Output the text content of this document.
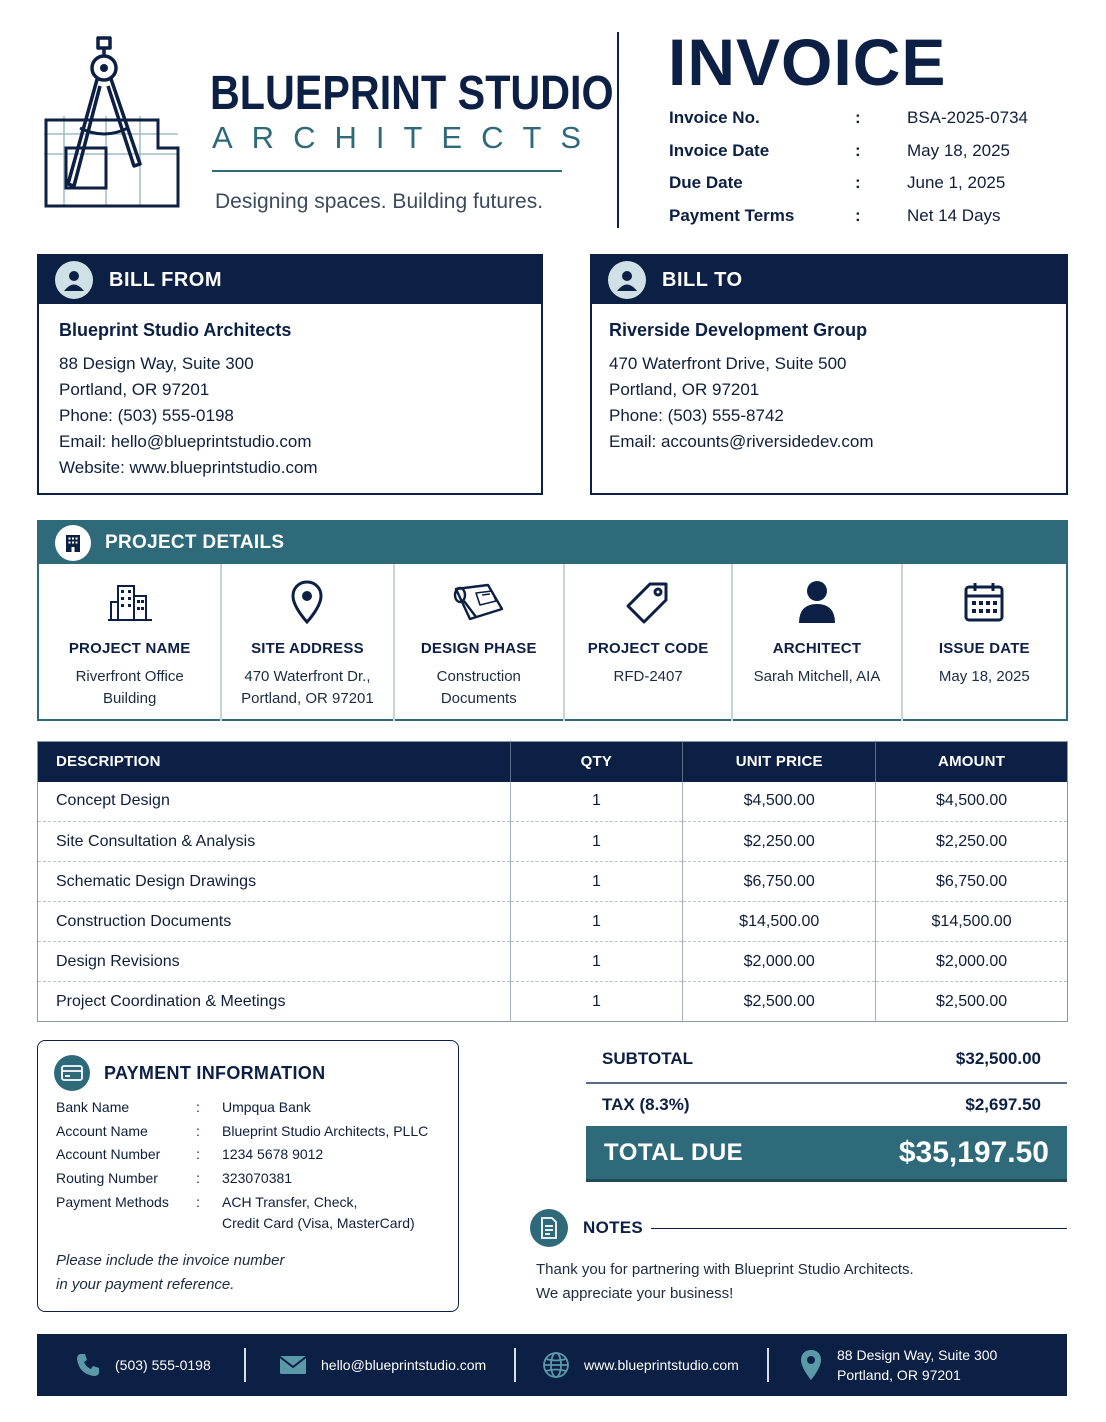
BLUEPRINT STUDIO
ARCHITECTS
Designing spaces. Building futures.
INVOICE
Invoice No.	:	BSA-2025-0734
Invoice Date	:	May 18, 2025
Due Date	:	June 1, 2025
Payment Terms	:	Net 14 Days
BILL FROM
Blueprint Studio Architects
88 Design Way, Suite 300
Portland, OR 97201
Phone: (503) 555-0198
Email: hello@blueprintstudio.com
Website: www.blueprintstudio.com
BILL TO
Riverside Development Group
470 Waterfront Drive, Suite 500
Portland, OR 97201
Phone: (503) 555-8742
Email: accounts@riversidedev.com
PROJECT DETAILS
PROJECT NAME
Riverfront Office
Building
SITE ADDRESS
470 Waterfront Dr.,
Portland, OR 97201
DESIGN PHASE
Construction
Documents
PROJECT CODE
RFD-2407
ARCHITECT
Sarah Mitchell, AIA
ISSUE DATE
May 18, 2025
DESCRIPTION	QTY	UNIT PRICE	AMOUNT
Concept Design	1	$4,500.00	$4,500.00
Site Consultation & Analysis	1	$2,250.00	$2,250.00
Schematic Design Drawings	1	$6,750.00	$6,750.00
Construction Documents	1	$14,500.00	$14,500.00
Design Revisions	1	$2,000.00	$2,000.00
Project Coordination & Meetings	1	$2,500.00	$2,500.00
PAYMENT INFORMATION
Bank Name	: Umpqua Bank
Account Name	: Blueprint Studio Architects, PLLC
Account Number	: 1234 5678 9012
Routing Number	: 323070381
Payment Methods : ACH Transfer, Check,
Credit Card (Visa, MasterCard)
Please include the invoice number
in your payment reference.
SUBTOTAL	$32,500.00
TAX (8.3%)	$2,697.50
TOTAL DUE	$35,197.50
NOTES
Thank you for partnering with Blueprint Studio Architects.
We appreciate your business!
(503) 555-0198	hello@blueprintstudio.com	www.blueprintstudio.com
88 Design Way, Suite 300
Portland, OR 97201
